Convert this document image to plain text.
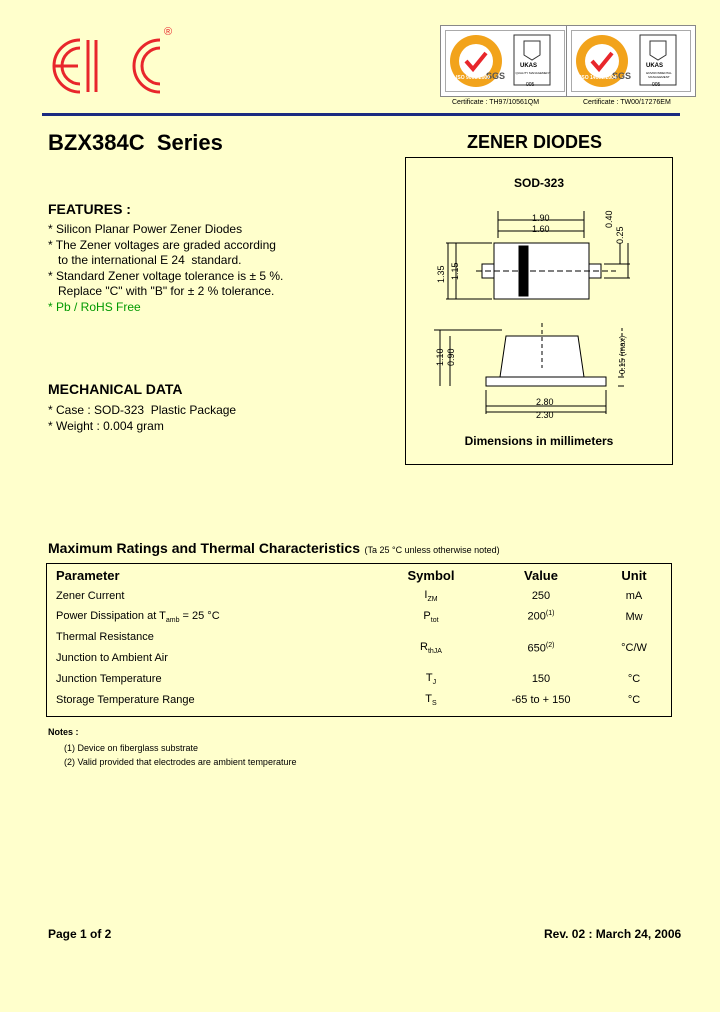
®
SGS
ISO 9001:2000
UKAS
QUALITY MANAGEMENT
005
Certificate : TH97/10561QM
SGS
ISO 14001:2004
UKAS
ENVIRONMENTAL MANAGEMENT
005
Certificate : TW00/17276EM
BZX384C  Series	ZENER DIODES
FEATURES :
* Silicon Planar Power Zener Diodes
* The Zener voltages are graded according
to the international E 24  standard.
* Standard Zener voltage tolerance is ± 5 %.
Replace "C" with "B" for ± 2 % tolerance.
* Pb / RoHS Free
MECHANICAL DATA
* Case : SOD-323  Plastic Package
* Weight : 0.004 gram
SOD-323
1.90
1.60
0.40
0.25
1.35 1.15
1.10 0.90	0.15 (max)
2.80
2.30
Dimensions in millimeters
Maximum Ratings and Thermal Characteristics (Ta 25 °C unless otherwise noted)
Parameter	Symbol	Value	Unit
Zener Current	$I_{ZM}$	250	mA
Power Dissipation at $T_{amb} = 25$ °C	$P_{tot}$	200$^{(1)}$	Mw

Thermal Resistance
Junction to Ambient Air	$R_{thJA}$	650$^{(2)}$	°C/W
Junction Temperature	$T_J$	150	°C
Storage Temperature Range	$T_S$	-65 to + 150	°C
Notes :
(1) Device on fiberglass substrate
(2) Valid provided that electrodes are ambient temperature
Page 1 of 2	Rev. 02 : March 24, 2006
